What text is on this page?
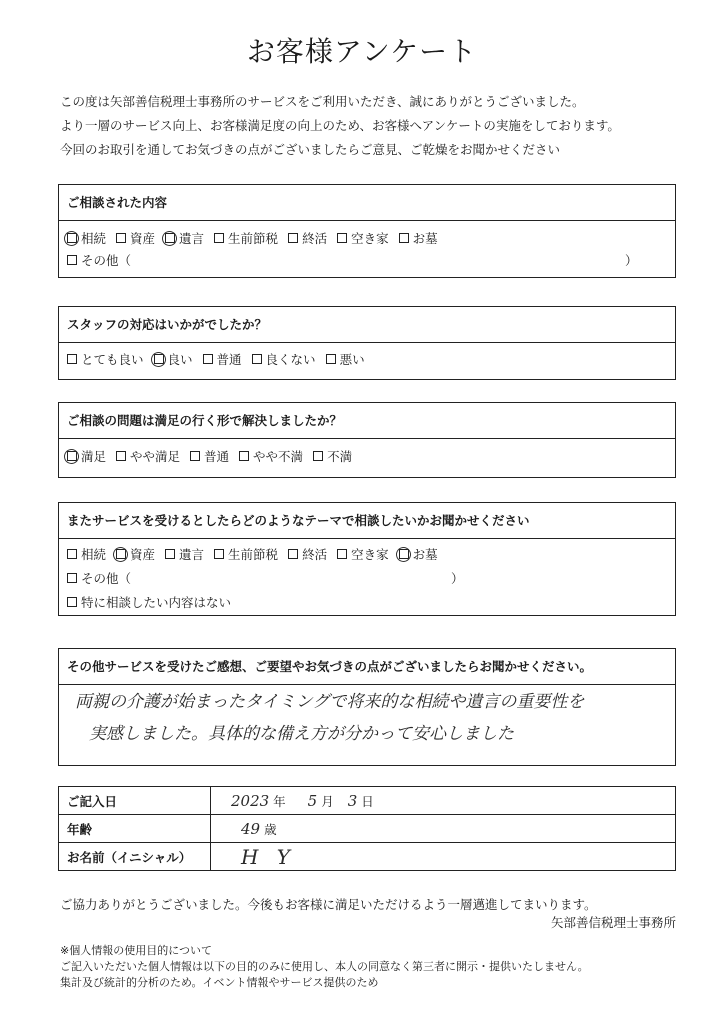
お客様アンケート
この度は矢部善信税理士事務所のサービスをご利用いただき、誠にありがとうございました。
より一層のサービス向上、お客様満足度の向上のため、お客様へアンケートの実施をしております。
今回のお取引を通してお気づきの点がございましたらご意見、ご乾燥をお聞かせください
ご相談された内容
相続 資産 遺言 生前節税 終活 空き家 お墓
その他（	）
スタッフの対応はいかがでしたか？
とても良い 良い 普通 良くない 悪い
ご相談の問題は満足の行く形で解決しましたか？
満足 やや満足 普通 やや不満 不満
またサービスを受けるとしたらどのようなテーマで相談したいかお聞かせください
相続 資産 遺言 生前節税 終活 空き家 お墓
その他（	）
特に相談したい内容はない
その他サービスを受けたご感想、ご要望やお気づきの点がございましたらお聞かせください。
両親の介護が始まったタイミングで将来的な相続や遺言の重要性を
実感しました。具体的な備え方が分かって安心しました
ご記入日	2023 年 5 月 3 日
年齢	49 歳
お名前（イニシャル）	H Y
ご協力ありがとうございました。今後もお客様に満足いただけるよう一層邁進してまいります。
矢部善信税理士事務所
※個人情報の使用目的について
ご記入いただいた個人情報は以下の目的のみに使用し、本人の同意なく第三者に開示・提供いたしません。
集計及び統計的分析のため。イベント情報やサービス提供のため
